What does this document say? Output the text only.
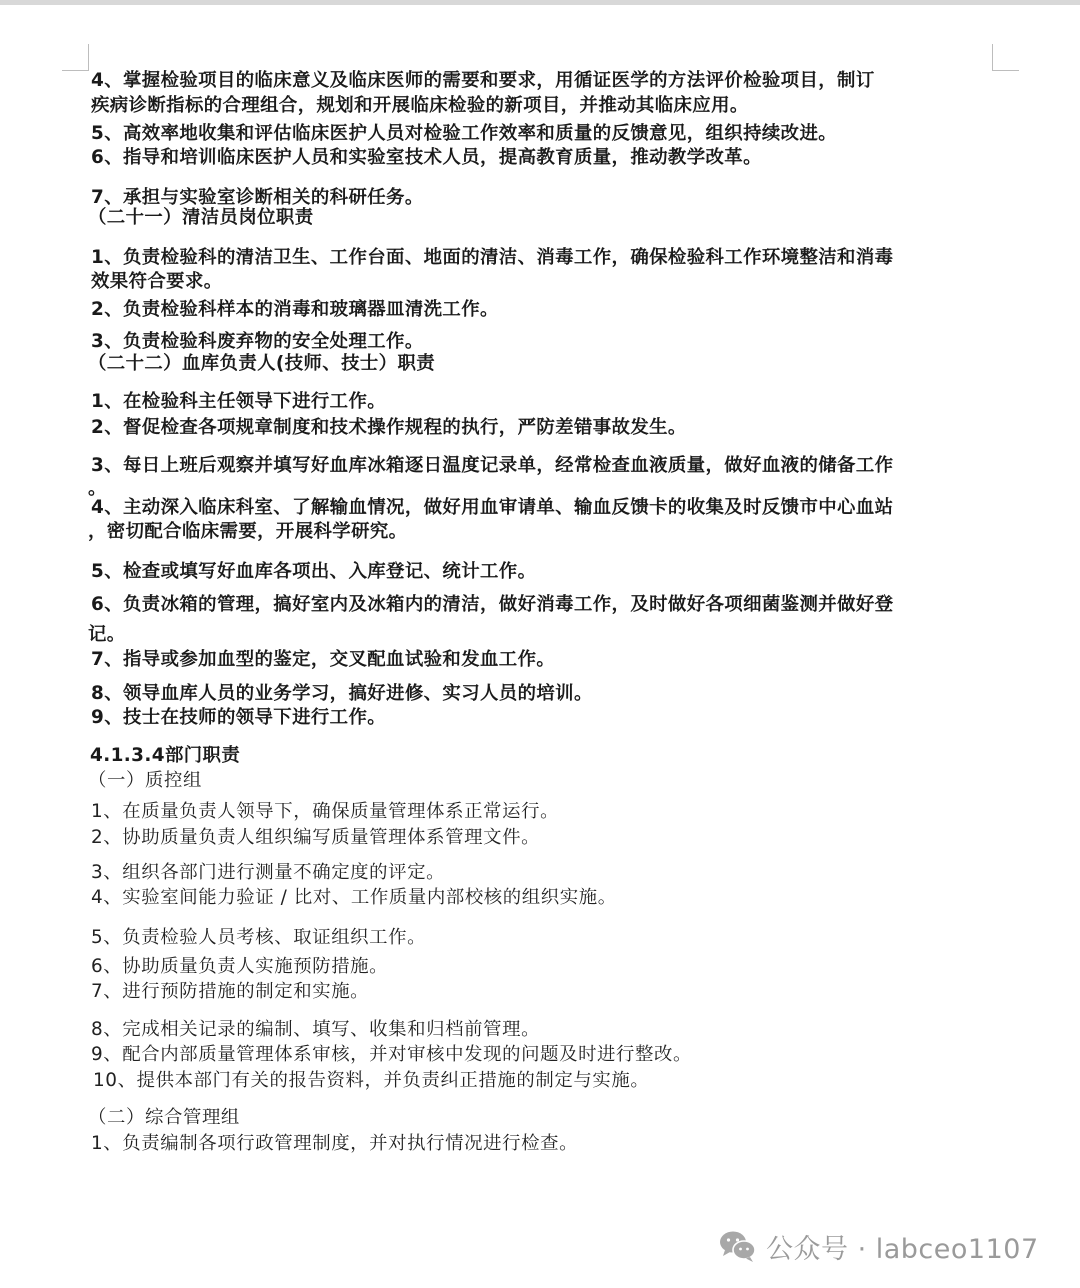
4、掌握检验项目的临床意义及临床医师的需要和要求，用循证医学的方法评价检验项目，制订
疾病诊断指标的合理组合，规划和开展临床检验的新项目，并推动其临床应用。
5、高效率地收集和评估临床医护人员对检验工作效率和质量的反馈意见，组织持续改进。
6、指导和培训临床医护人员和实验室技术人员，提高教育质量，推动教学改革。
7、承担与实验室诊断相关的科研任务。
（二十一）清洁员岗位职责
1、负责检验科的清洁卫生、工作台面、地面的清洁、消毒工作，确保检验科工作环境整洁和消毒
效果符合要求。
2、负责检验科样本的消毒和玻璃器皿清洗工作。
3、负责检验科废弃物的安全处理工作。
（二十二）血库负责人(技师、技士）职责
1、在检验科主任领导下进行工作。
2、督促检查各项规章制度和技术操作规程的执行，严防差错事故发生。
3、每日上班后观察并填写好血库冰箱逐日温度记录单，经常检查血液质量，做好血液的储备工作
。
4、主动深入临床科室、了解输血情况，做好用血审请单、输血反馈卡的收集及时反馈市中心血站
，密切配合临床需要，开展科学研究。
5、检查或填写好血库各项出、入库登记、统计工作。
6、负责冰箱的管理，搞好室内及冰箱内的清洁，做好消毒工作，及时做好各项细菌鉴测并做好登
记。
7、指导或参加血型的鉴定，交叉配血试验和发血工作。
8、领导血库人员的业务学习，搞好进修、实习人员的培训。
9、技士在技师的领导下进行工作。
4.1.3.4部门职责
（一）质控组
1、在质量负责人领导下，确保质量管理体系正常运行。
2、协助质量负责人组织编写质量管理体系管理文件。
3、组织各部门进行测量不确定度的评定。
4、实验室间能力验证 / 比对、工作质量内部校核的组织实施。
5、负责检验人员考核、取证组织工作。
6、协助质量负责人实施预防措施。
7、进行预防措施的制定和实施。
8、完成相关记录的编制、填写、收集和归档前管理。
9、配合内部质量管理体系审核，并对审核中发现的问题及时进行整改。
10、提供本部门有关的报告资料，并负责纠正措施的制定与实施。
（二）综合管理组
1、负责编制各项行政管理制度，并对执行情况进行检查。
公众号 · labceo1107
